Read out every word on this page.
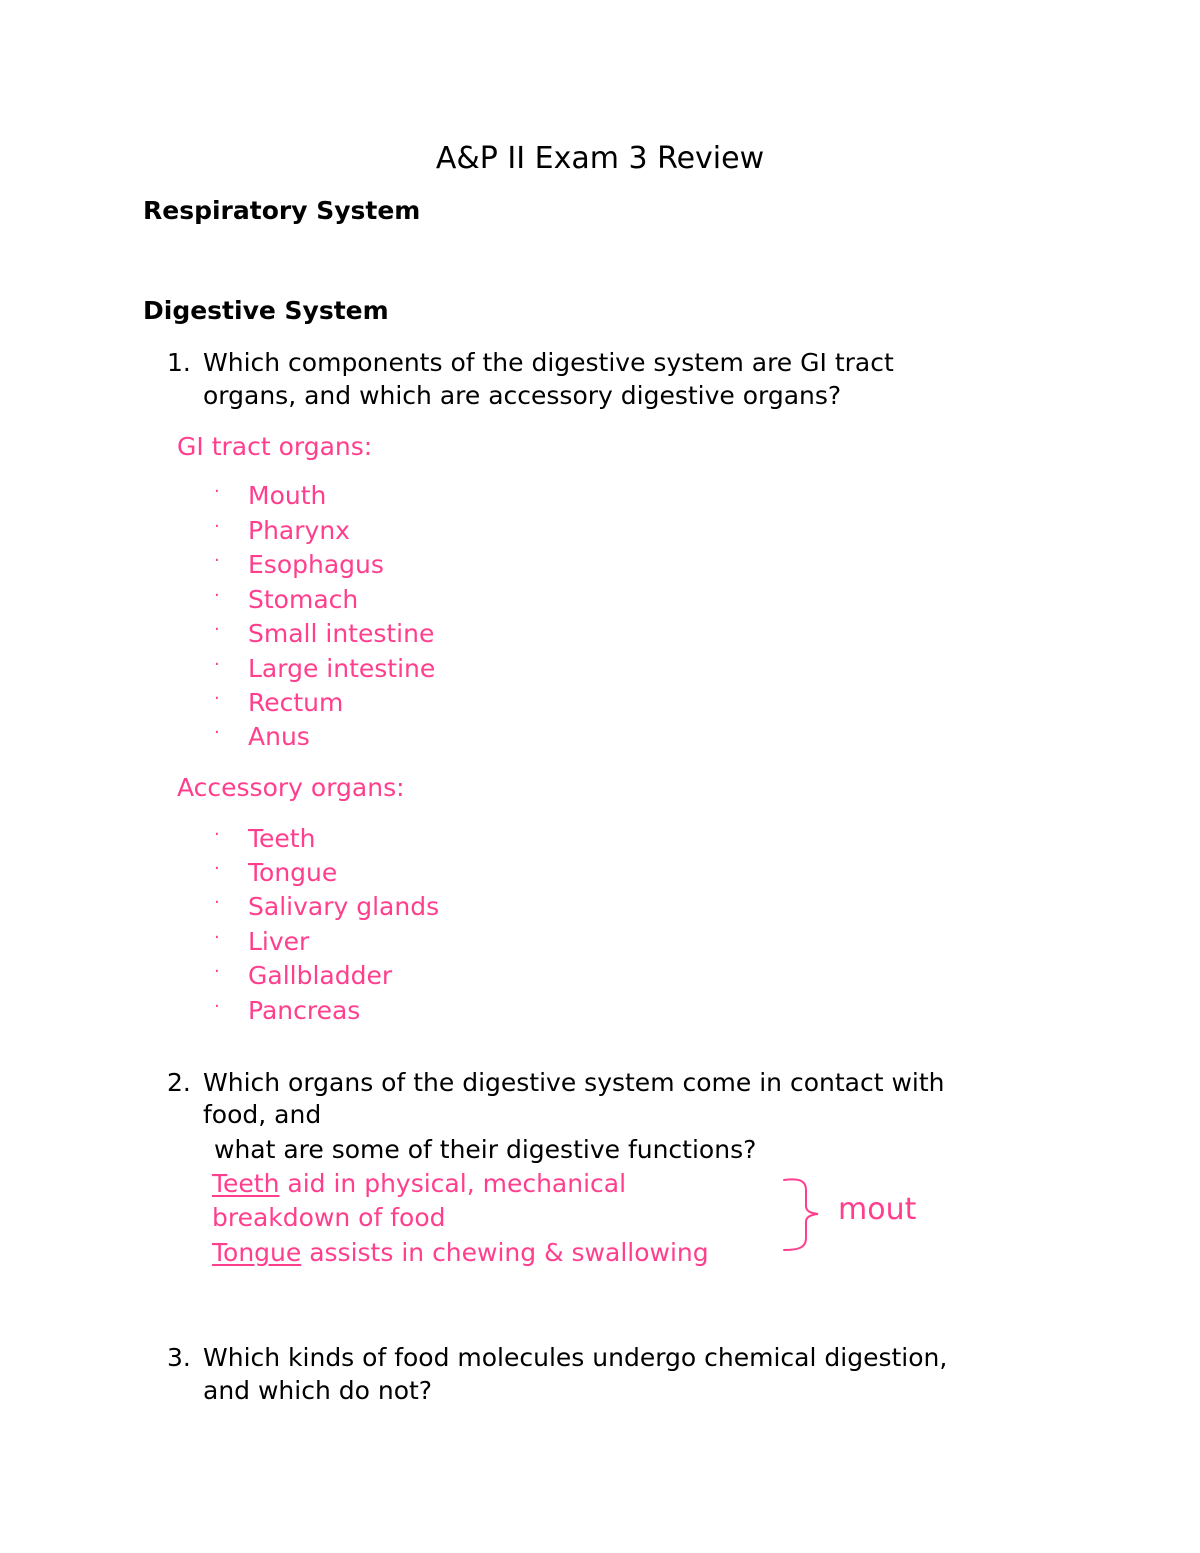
A&P II Exam 3 Review
Respiratory System
Digestive System
1. Which components of the digestive system are GI tract
organs, and which are accessory digestive organs?
GI tract organs:
· Mouth
· Pharynx
· Esophagus
· Stomach
· Small intestine
· Large intestine
· Rectum
· Anus
Accessory organs:
· Teeth
· Tongue
· Salivary glands
· Liver
· Gallbladder
· Pancreas
2. Which organs of the digestive system come in contact with
food, and
what are some of their digestive functions?
Teeth aid in physical, mechanical
breakdown of food
Tongue assists in chewing & swallowing
mout
3. Which kinds of food molecules undergo chemical digestion,
and which do not?
